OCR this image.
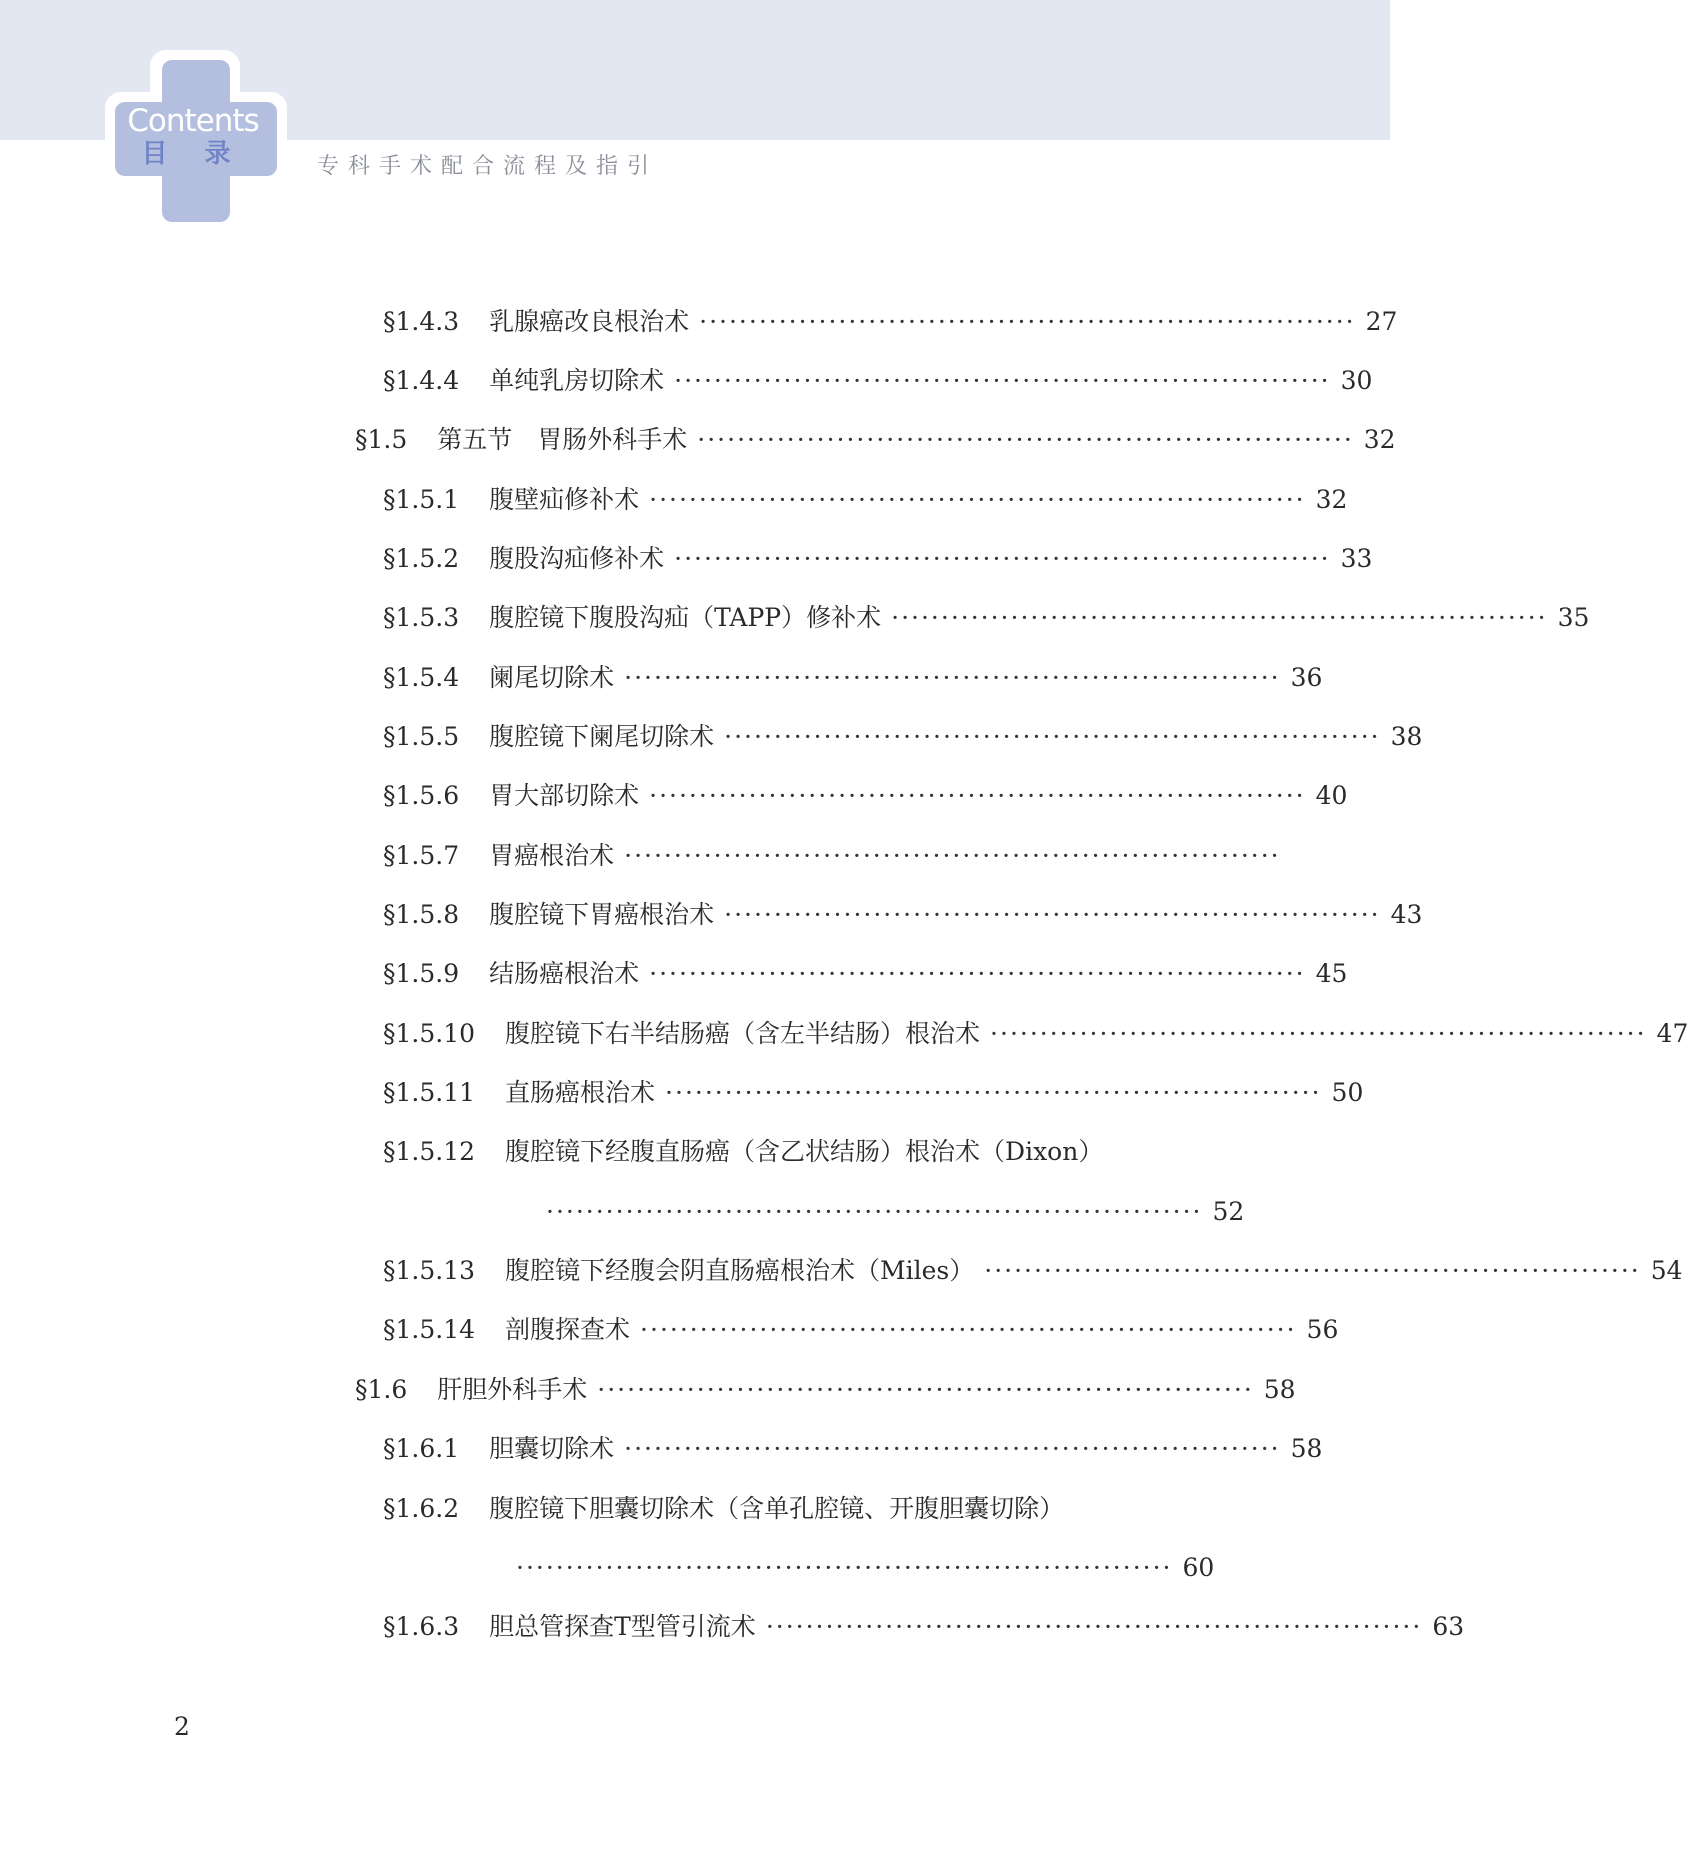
Contents
目 录	专科手术配合流程及指引
§1.4.3 乳腺癌改良根治术 ·································································· 27
§1.4.4 单纯乳房切除术 ·································································· 30
§1.5 第五节　胃肠外科手术 ·································································· 32
§1.5.1 腹壁疝修补术 ·································································· 32
§1.5.2 腹股沟疝修补术 ·································································· 33
§1.5.3 腹腔镜下腹股沟疝（TAPP）修补术 ·································································· 35
§1.5.4 阑尾切除术 ·································································· 36
§1.5.5 腹腔镜下阑尾切除术 ·································································· 38
§1.5.6 胃大部切除术 ·································································· 40
§1.5.7 胃癌根治术 ··································································
§1.5.8 腹腔镜下胃癌根治术 ·································································· 43
§1.5.9 结肠癌根治术 ·································································· 45
§1.5.10 腹腔镜下右半结肠癌（含左半结肠）根治术 ·································································· 47
§1.5.11 直肠癌根治术 ·································································· 50
§1.5.12 腹腔镜下经腹直肠癌（含乙状结肠）根治术（Dixon）
·································································· 52
§1.5.13 腹腔镜下经腹会阴直肠癌根治术（Miles） ·································································· 54
§1.5.14 剖腹探查术 ·································································· 56
§1.6 肝胆外科手术 ·································································· 58
§1.6.1 胆囊切除术 ·································································· 58
§1.6.2 腹腔镜下胆囊切除术（含单孔腔镜、开腹胆囊切除）
·································································· 60
§1.6.3 胆总管探查T型管引流术 ·································································· 63
2
